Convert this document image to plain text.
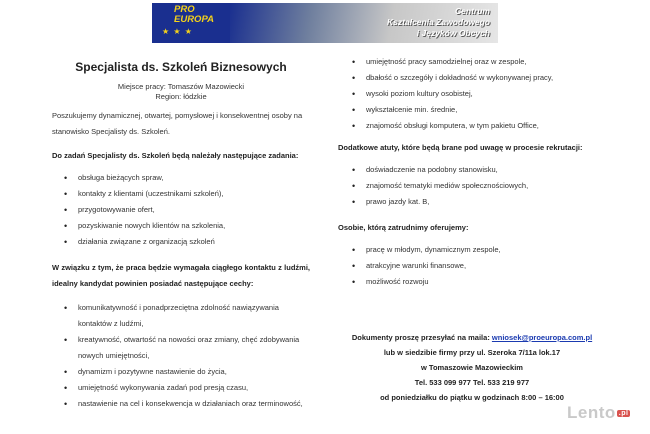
PRO
EUROPA
★ ★ ★
Centrum
Kształcenia Zawodowego
i Języków Obcych
Specjalista ds. Szkoleń Biznesowych
Miejsce pracy: Tomaszów Mazowiecki
Region: łódzkie

Poszukujemy dynamicznej, otwartej, pomysłowej i konsekwentnej osoby na stanowisko Specjalisty ds. Szkoleń.

Do zadań Specjalisty ds. Szkoleń będą należały następujące zadania:
• obsługa bieżących spraw,
• kontakty z klientami (uczestnikami szkoleń),
• przygotowywanie ofert,
• pozyskiwanie nowych klientów na szkolenia,
• działania związane z organizacją szkoleń
W związku z tym, że praca będzie wymagała ciągłego kontaktu z ludźmi, idealny kandydat powinien posiadać następujące cechy:
• komunikatywność i ponadprzeciętna zdolność nawiązywania kontaktów z ludźmi,
• kreatywność, otwartość na nowości oraz zmiany, chęć zdobywania nowych umiejętności,
• dynamizm i pozytywne nastawienie do życia,
• umiejętność wykonywania zadań pod presją czasu,
• nastawienie na cel i konsekwencja w działaniach oraz terminowość,
• umiejętność pracy samodzielnej oraz w zespole,
• dbałość o szczegóły i dokładność w wykonywanej pracy,
• wysoki poziom kultury osobistej,
• wykształcenie min. średnie,
• znajomość obsługi komputera, w tym pakietu Office,
Dodatkowe atuty, które będą brane pod uwagę w procesie rekrutacji:
• doświadczenie na podobny stanowisku,
• znajomość tematyki mediów społecznościowych,
• prawo jazdy kat. B,
Osobie, którą zatrudnimy oferujemy:
• pracę w młodym, dynamicznym zespole,
• atrakcyjne warunki finansowe,
• możliwość rozwoju
Dokumenty proszę przesyłać na maila: wniosek@proeuropa.com.pl
lub w siedzibie firmy przy ul. Szeroka 7/11a lok.17
w Tomaszowie Mazowieckim
Tel. 533 099 977 Tel. 533 219 977
od poniedziałku do piątku w godzinach 8:00 – 16:00
Lento .pl
